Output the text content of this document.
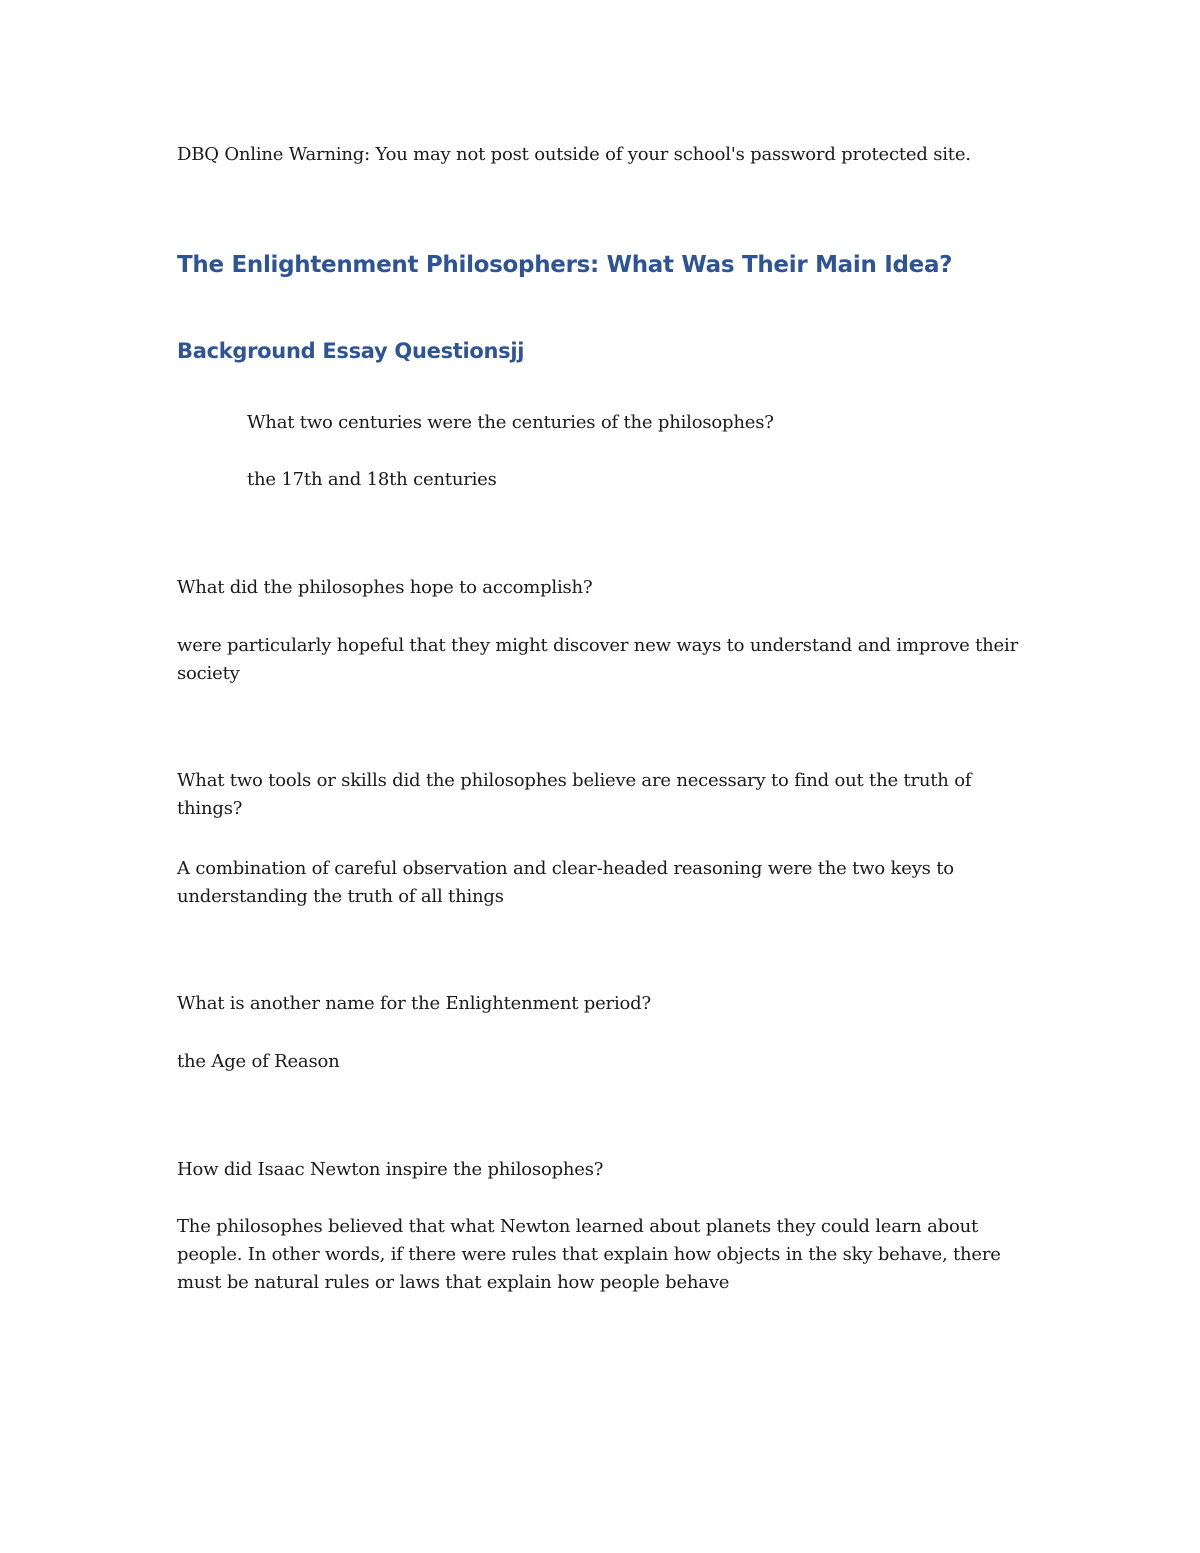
DBQ Online Warning: You may not post outside of your school's password protected site.

The Enlightenment Philosophers: What Was Their Main Idea?
Background Essay Questionsjj

What two centuries were the centuries of the philosophes?

the 17th and 18th centuries

What did the philosophes hope to accomplish?

were particularly hopeful that they might discover new ways to understand and improve their society

What two tools or skills did the philosophes believe are necessary to find out the truth of things?

A combination of careful observation and clear-headed reasoning were the two keys to understanding the truth of all things

What is another name for the Enlightenment period?

the Age of Reason

How did Isaac Newton inspire the philosophes?

The philosophes believed that what Newton learned about planets they could learn about people. In other words, if there were rules that explain how objects in the sky behave, there must be natural rules or laws that explain how people behave
